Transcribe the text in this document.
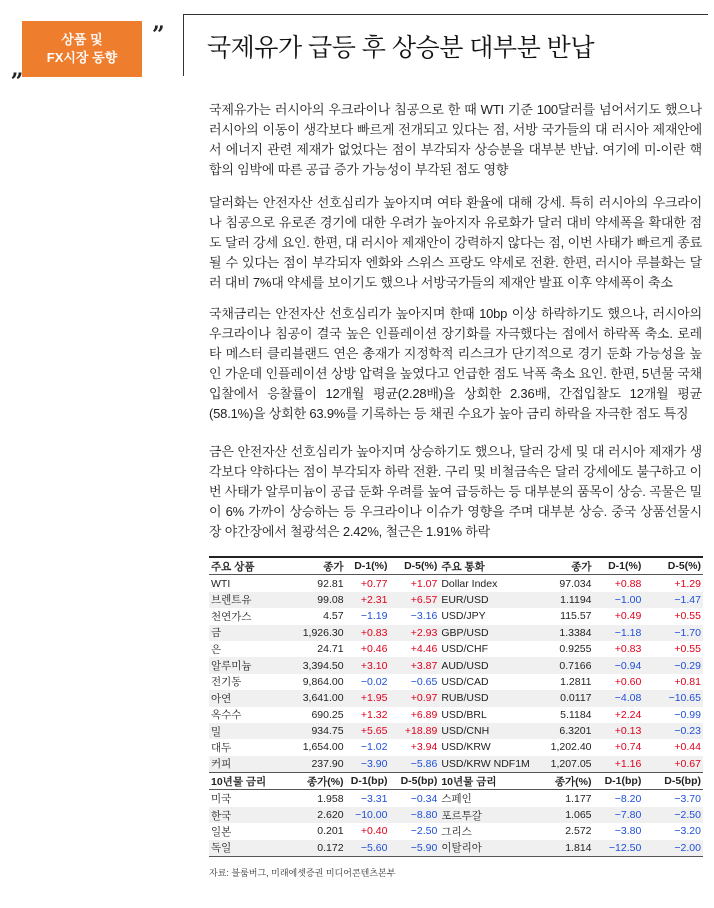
상품 및
FX시장 동향
„
” 국제유가 급등 후 상승분 대부분 반납

국제유가는 러시아의 우크라이나 침공으로 한 때 WTI 기준 100달러를 넘어서기도 했으나 러시아의 이동이 생각보다 빠르게 전개되고 있다는 점, 서방 국가들의 대 러시아 제재안에서 에너지 관련 제재가 없었다는 점이 부각되자 상승분을 대부분 반납. 여기에 미-이란 핵 합의 임박에 따른 공급 증가 가능성이 부각된 점도 영향

달러화는 안전자산 선호심리가 높아지며 여타 환율에 대해 강세. 특히 러시아의 우크라이나 침공으로 유로존 경기에 대한 우려가 높아지자 유로화가 달러 대비 약세폭을 확대한 점도 달러 강세 요인. 한편, 대 러시아 제재안이 강력하지 않다는 점, 이번 사태가 빠르게 종료 될 수 있다는 점이 부각되자 엔화와 스위스 프랑도 약세로 전환. 한편, 러시아 루블화는 달러 대비 7%대 약세를 보이기도 했으나 서방국가들의 제재안 발표 이후 약세폭이 축소

국채금리는 안전자산 선호심리가 높아지며 한때 10bp 이상 하락하기도 했으나, 러시아의 우크라이나 침공이 결국 높은 인플레이션 장기화를 자극했다는 점에서 하락폭 축소. 로레타 메스터 클리블랜드 연은 총재가 지정학적 리스크가 단기적으로 경기 둔화 가능성을 높인 가운데 인플레이션 상방 압력을 높였다고 언급한 점도 낙폭 축소 요인. 한편, 5년물 국채 입찰에서 응찰률이 12개월 평균(2.28배)을 상회한 2.36배, 간접입찰도 12개월 평균(58.1%)을 상회한 63.9%를 기록하는 등 채권 수요가 높아 금리 하락을 자극한 점도 특징

금은 안전자산 선호심리가 높아지며 상승하기도 했으나, 달러 강세 및 대 러시아 제재가 생각보다 약하다는 점이 부각되자 하락 전환. 구리 및 비철금속은 달러 강세에도 불구하고 이번 사태가 알루미늄이 공급 둔화 우려를 높여 급등하는 등 대부분의 품목이 상승. 곡물은 밀이 6% 가까이 상승하는 등 우크라이나 이슈가 영향을 주며 대부분 상승. 중국 상품선물시장 야간장에서 철광석은 2.42%, 철근은 1.91% 하락

주요 상품	종가	D-1(%)	D-5(%)	주요 통화	종가	D-1(%)	D-5(%)
WTI	92.81	+0.77	+1.07	Dollar Index	97.034	+0.88	+1.29
브렌트유	99.08	+2.31	+6.57	EUR/USD	1.1194	−1.00	−1.47
천연가스	4.57	−1.19	−3.16	USD/JPY	115.57	+0.49	+0.55
금	1,926.30	+0.83	+2.93	GBP/USD	1.3384	−1.18	−1.70
은	24.71	+0.46	+4.46	USD/CHF	0.9255	+0.83	+0.55
알루미늄	3,394.50	+3.10	+3.87	AUD/USD	0.7166	−0.94	−0.29
전기동	9,864.00	−0.02	−0.65	USD/CAD	1.2811	+0.60	+0.81
아연	3,641.00	+1.95	+0.97	RUB/USD	0.0117	−4.08	−10.65
옥수수	690.25	+1.32	+6.89	USD/BRL	5.1184	+2.24	−0.99
밀	934.75	+5.65	+18.89	USD/CNH	6.3201	+0.13	−0.23
대두	1,654.00	−1.02	+3.94	USD/KRW	1,202.40	+0.74	+0.44
커피	237.90	−3.90	−5.86	USD/KRW NDF1M	1,207.05	+1.16	+0.67
10년물 금리	종가(%)	D-1(bp)	D-5(bp)	10년물 금리	종가(%)	D-1(bp)	D-5(bp)
미국	1.958	−3.31	−0.34	스페인	1.177	−8.20	−3.70
한국	2.620	−10.00	−8.80	포르투갈	1.065	−7.80	−2.50
일본	0.201	+0.40	−2.50	그리스	2.572	−3.80	−3.20
독일	0.172	−5.60	−5.90	이탈리아	1.814	−12.50	−2.00
자료: 블룸버그, 미래에셋증권 미디어콘텐츠본부
